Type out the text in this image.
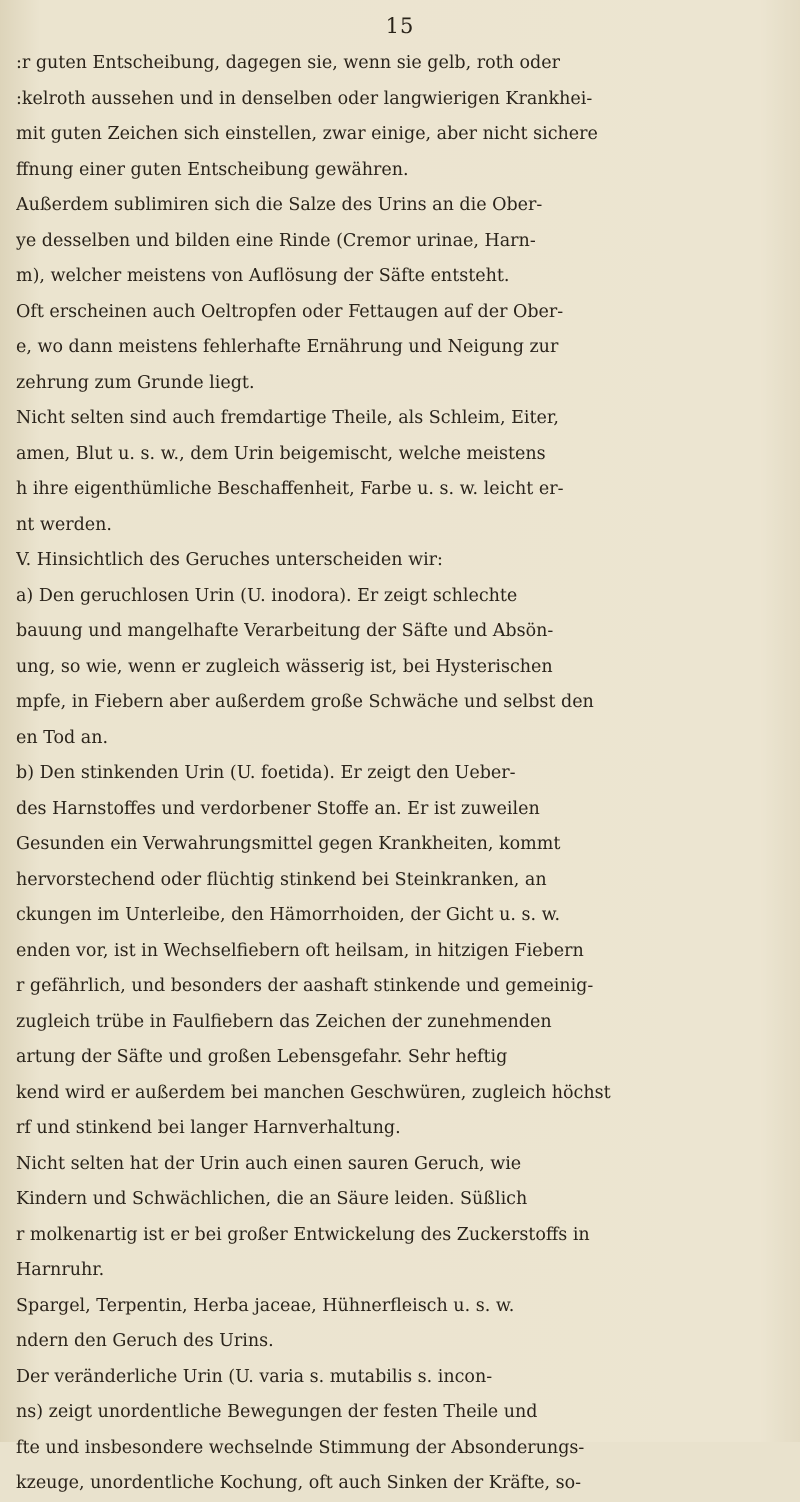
15
:r guten Entscheibung, dagegen sie, wenn sie gelb, roth oder
:kelroth aussehen und in denselben oder langwierigen Krankhei-
mit guten Zeichen sich einstellen, zwar einige, aber nicht sichere
ffnung einer guten Entscheibung gewähren.
Außerdem sublimiren sich die Salze des Urins an die Ober-
ye desselben und bilden eine Rinde (Cremor urinae, Harn-
m), welcher meistens von Auflösung der Säfte entsteht.
Oft erscheinen auch Oeltropfen oder Fettaugen auf der Ober-
e, wo dann meistens fehlerhafte Ernährung und Neigung zur
zehrung zum Grunde liegt.
Nicht selten sind auch fremdartige Theile, als Schleim, Eiter,
amen, Blut u. s. w., dem Urin beigemischt, welche meistens
h ihre eigenthümliche Beschaffenheit, Farbe u. s. w. leicht er-
nt werden.
V. Hinsichtlich des Geruches unterscheiden wir:
a) Den geruchlosen Urin (U. inodora). Er zeigt schlechte
bauung und mangelhafte Verarbeitung der Säfte und Absön-
ung, so wie, wenn er zugleich wässerig ist, bei Hysterischen
mpfe, in Fiebern aber außerdem große Schwäche und selbst den
en Tod an.
b) Den stinkenden Urin (U. foetida). Er zeigt den Ueber-
des Harnstoffes und verdorbener Stoffe an. Er ist zuweilen
Gesunden ein Verwahrungsmittel gegen Krankheiten, kommt
hervorstechend oder flüchtig stinkend bei Steinkranken, an
ckungen im Unterleibe, den Hämorrhoiden, der Gicht u. s. w.
enden vor, ist in Wechselfiebern oft heilsam, in hitzigen Fiebern
r gefährlich, und besonders der aashaft stinkende und gemeinig-
zugleich trübe in Faulfiebern das Zeichen der zunehmenden
artung der Säfte und großen Lebensgefahr. Sehr heftig
kend wird er außerdem bei manchen Geschwüren, zugleich höchst
rf und stinkend bei langer Harnverhaltung.
Nicht selten hat der Urin auch einen sauren Geruch, wie
Kindern und Schwächlichen, die an Säure leiden. Süßlich
r molkenartig ist er bei großer Entwickelung des Zuckerstoffs in
Harnruhr.
Spargel, Terpentin, Herba jaceae, Hühnerfleisch u. s. w.
ndern den Geruch des Urins.
Der veränderliche Urin (U. varia s. mutabilis s. incon-
ns) zeigt unordentliche Bewegungen der festen Theile und
fte und insbesondere wechselnde Stimmung der Absonderungs-
kzeuge, unordentliche Kochung, oft auch Sinken der Kräfte, so-
